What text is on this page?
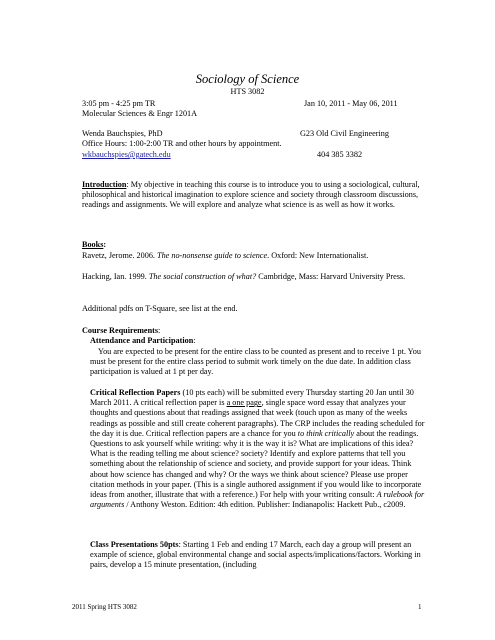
Sociology of Science
HTS 3082
3:05 pm - 4:25 pm TR	Jan 10, 2011 - May 06, 2011
Molecular Sciences & Engr 1201A
Wenda Bauchspies, PhD	G23 Old Civil Engineering
Office Hours: 1:00-2:00 TR and other hours by appointment.
wkbauchspies@gatech.edu	404 385 3382
Introduction: My objective in teaching this course is to introduce you to using a sociological, cultural, philosophical and historical imagination to explore science and society through classroom discussions, readings and assignments. We will explore and analyze what science is as well as how it works.
Books:
Ravetz, Jerome. 2006. The no-nonsense guide to science. Oxford: New Internationalist.
Hacking, Ian. 1999. The social construction of what? Cambridge, Mass: Harvard University Press.
Additional pdfs on T-Square, see list at the end.
Course Requirements:
Attendance and Participation:
You are expected to be present for the entire class to be counted as present and to receive 1 pt. You must be present for the entire class period to submit work timely on the due date. In addition class participation is valued at 1 pt per day.
Critical Reflection Papers (10 pts each) will be submitted every Thursday starting 20 Jan until 30 March 2011. A critical reflection paper is a one page, single space word essay that analyzes your thoughts and questions about that readings assigned that week (touch upon as many of the weeks readings as possible and still create coherent paragraphs). The CRP includes the reading scheduled for the day it is due. Critical reflection papers are a chance for you to think critically about the readings. Questions to ask yourself while writing: why it is the way it is? What are implications of this idea? What is the reading telling me about science? society? Identify and explore patterns that tell you something about the relationship of science and society, and provide support for your ideas. Think about how science has changed and why? Or the ways we think about science? Please use proper citation methods in your paper. (This is a single authored assignment if you would like to incorporate ideas from another, illustrate that with a reference.) For help with your writing consult: A rulebook for arguments / Anthony Weston. Edition: 4th edition. Publisher: Indianapolis: Hackett Pub., c2009.
Class Presentations 50pts: Starting 1 Feb and ending 17 March, each day a group will present an example of science, global environmental change and social aspects/implications/factors. Working in pairs, develop a 15 minute presentation, (including
2011 Spring HTS 3082	1
